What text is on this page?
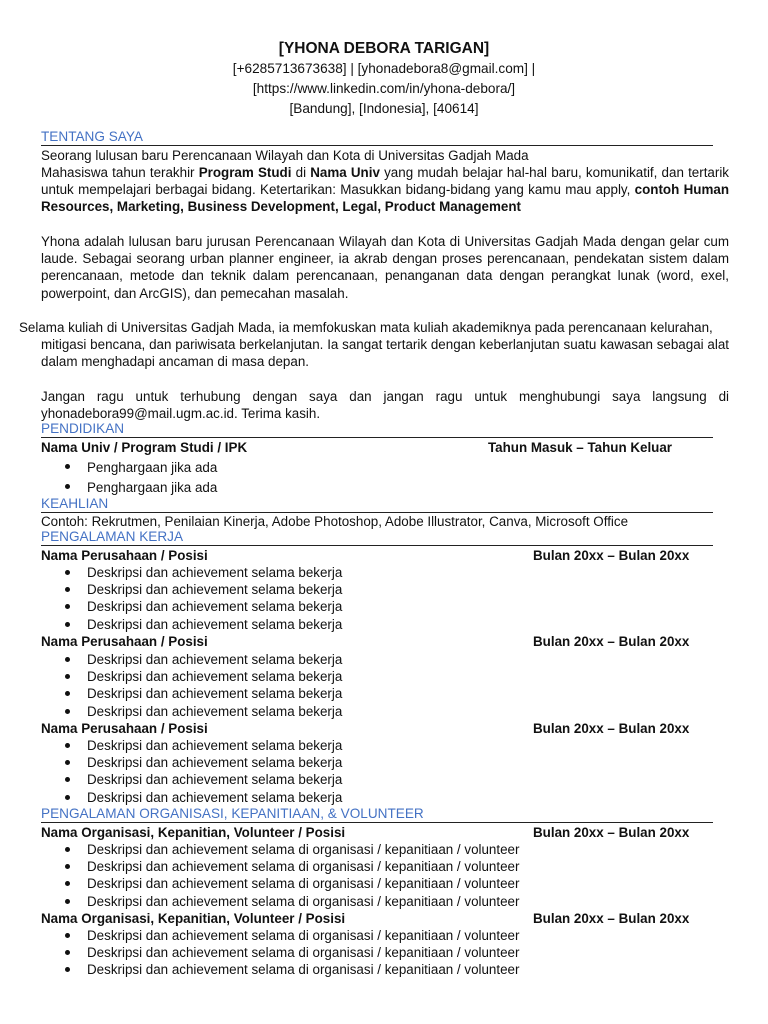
[YHONA DEBORA TARIGAN]
[+6285713673638] | [yhonadebora8@gmail.com] |
[https://www.linkedin.com/in/yhona-debora/]
[Bandung], [Indonesia], [40614]
TENTANG SAYA
Seorang lulusan baru Perencanaan Wilayah dan Kota di Universitas Gadjah Mada
Mahasiswa tahun terakhir Program Studi di Nama Univ yang mudah belajar hal-hal baru, komunikatif, dan tertarik untuk mempelajari berbagai bidang. Ketertarikan: Masukkan bidang-bidang yang kamu mau apply, contoh Human Resources, Marketing, Business Development, Legal, Product Management
Yhona adalah lulusan baru jurusan Perencanaan Wilayah dan Kota di Universitas Gadjah Mada dengan gelar cum laude. Sebagai seorang urban planner engineer, ia akrab dengan proses perencanaan, pendekatan sistem dalam perencanaan, metode dan teknik dalam perencanaan, penanganan data dengan perangkat lunak (word, exel, powerpoint, dan ArcGIS), dan pemecahan masalah.
Selama kuliah di Universitas Gadjah Mada, ia memfokuskan mata kuliah akademiknya pada perencanaan kelurahan,
mitigasi bencana, dan pariwisata berkelanjutan. Ia sangat tertarik dengan keberlanjutan suatu kawasan sebagai alat dalam menghadapi ancaman di masa depan.
Jangan ragu untuk terhubung dengan saya dan jangan ragu untuk menghubungi saya langsung di yhonadebora99@mail.ugm.ac.id. Terima kasih.
PENDIDIKAN
Nama Univ / Program Studi / IPK	Tahun Masuk – Tahun Keluar
Penghargaan jika ada
Penghargaan jika ada
KEAHLIAN
Contoh: Rekrutmen, Penilaian Kinerja, Adobe Photoshop, Adobe Illustrator, Canva, Microsoft Office
PENGALAMAN KERJA
Nama Perusahaan / Posisi	Bulan 20xx – Bulan 20xx
Deskripsi dan achievement selama bekerja
Deskripsi dan achievement selama bekerja
Deskripsi dan achievement selama bekerja
Deskripsi dan achievement selama bekerja
Nama Perusahaan / Posisi	Bulan 20xx – Bulan 20xx
Deskripsi dan achievement selama bekerja
Deskripsi dan achievement selama bekerja
Deskripsi dan achievement selama bekerja
Deskripsi dan achievement selama bekerja
Nama Perusahaan / Posisi	Bulan 20xx – Bulan 20xx
Deskripsi dan achievement selama bekerja
Deskripsi dan achievement selama bekerja
Deskripsi dan achievement selama bekerja
Deskripsi dan achievement selama bekerja
PENGALAMAN ORGANISASI, KEPANITIAAN, & VOLUNTEER
Nama Organisasi, Kepanitian, Volunteer / Posisi	Bulan 20xx – Bulan 20xx
Deskripsi dan achievement selama di organisasi / kepanitiaan / volunteer
Deskripsi dan achievement selama di organisasi / kepanitiaan / volunteer
Deskripsi dan achievement selama di organisasi / kepanitiaan / volunteer
Deskripsi dan achievement selama di organisasi / kepanitiaan / volunteer
Nama Organisasi, Kepanitian, Volunteer / Posisi	Bulan 20xx – Bulan 20xx
Deskripsi dan achievement selama di organisasi / kepanitiaan / volunteer
Deskripsi dan achievement selama di organisasi / kepanitiaan / volunteer
Deskripsi dan achievement selama di organisasi / kepanitiaan / volunteer
